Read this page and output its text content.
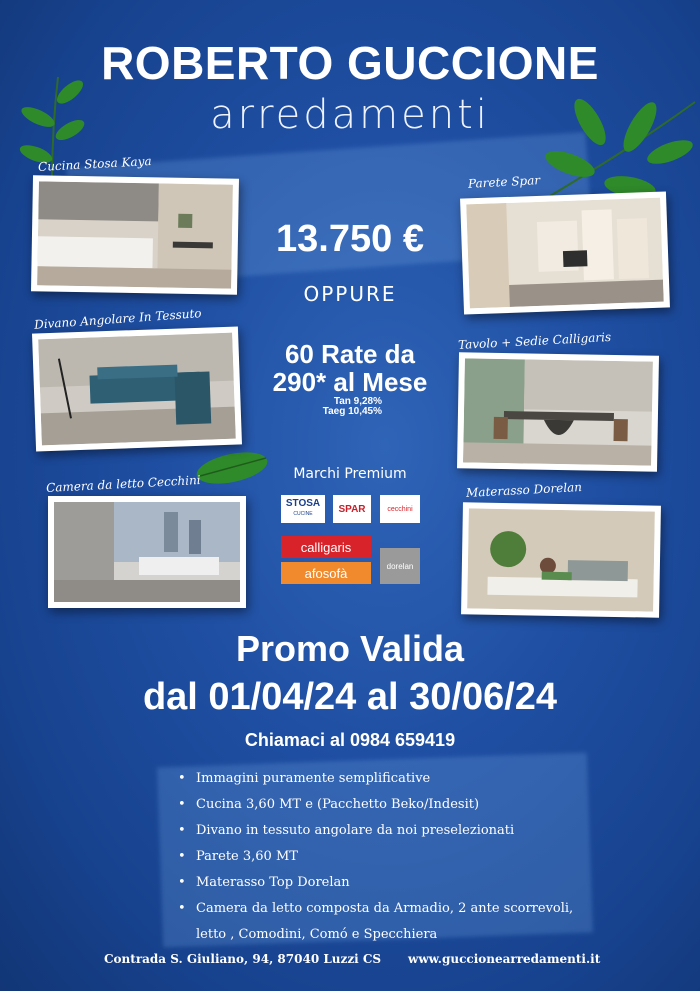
ROBERTO GUCCIONE
arredamenti
Cucina Stosa Kaya
Parete Spar
Divano Angolare In Tessuto
Tavolo + Sedie Calligaris
Camera da letto Cecchini	Materasso Dorelan
13.750 €
OPPURE
60 Rate da
290* al Mese
Tan 9,28%
Taeg 10,45%
Marchi Premium
STOSA
CUCINE	SPAR	cecchini
calligaris
afosofà	dorelan
Promo Valida
dal 01/04/24 al 30/06/24
Chiamaci al 0984 659419
• Immagini puramente semplificative
• Cucina 3,60 MT e (Pacchetto Beko/Indesit)
• Divano in tessuto angolare da noi preselezionati
• Parete 3,60 MT
• Materasso Top Dorelan
• Camera da letto composta da Armadio, 2 ante scorrevoli, letto , Comodini, Comó e Specchiera
Contrada S. Giuliano, 94, 87040 Luzzi CS www.guccionearredamenti.it
